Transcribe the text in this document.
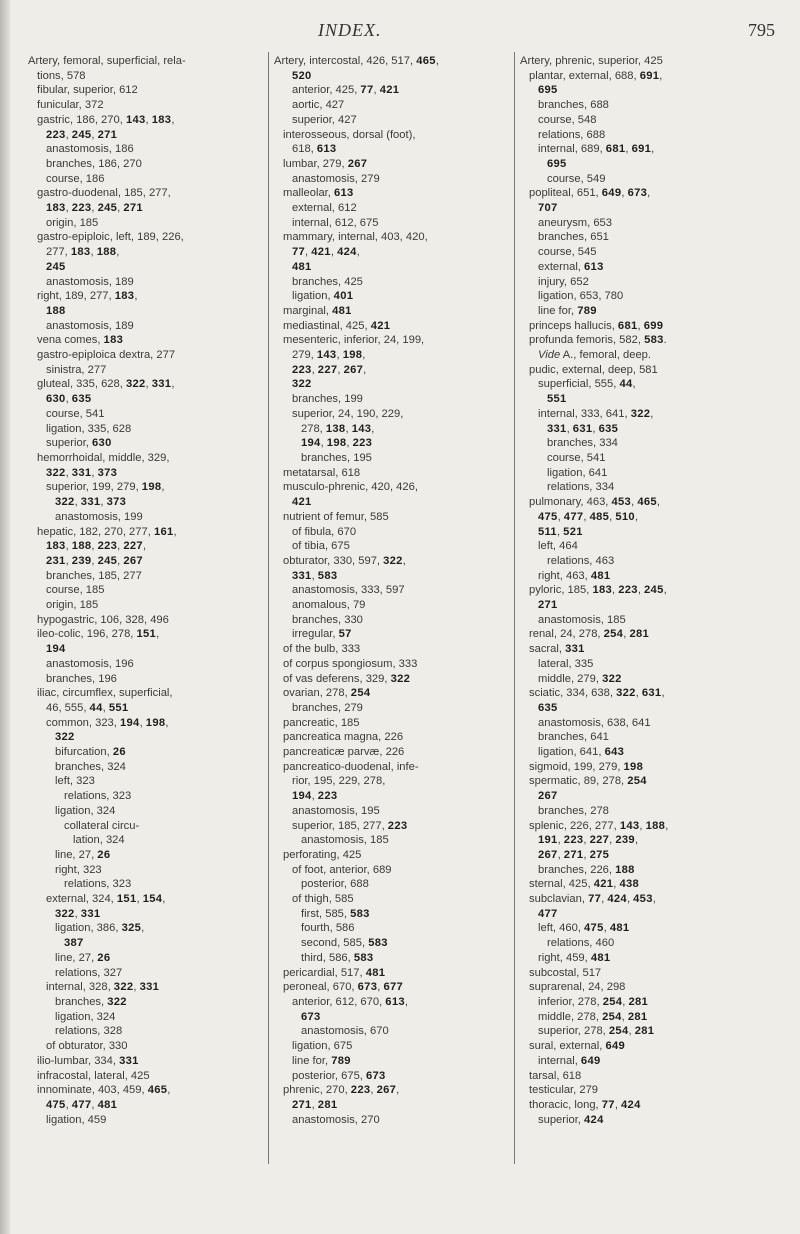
INDEX.	795
Artery, femoral, superficial, rela-
tions, 578
fibular, superior, 612
funicular, 372
gastric, 186, 270, 143, 183,
223, 245, 271
anastomosis, 186
branches, 186, 270
course, 186
gastro-duodenal, 185, 277,
183, 223, 245, 271
origin, 185
gastro-epiploic, left, 189, 226,
277, 183, 188,
245
anastomosis, 189
right, 189, 277, 183,
188
anastomosis, 189
vena comes, 183
gastro-epiploica dextra, 277
sinistra, 277
gluteal, 335, 628, 322, 331,
630, 635
course, 541
ligation, 335, 628
superior, 630
hemorrhoidal, middle, 329,
322, 331, 373
superior, 199, 279, 198,
322, 331, 373
anastomosis, 199
hepatic, 182, 270, 277, 161,
183, 188, 223, 227,
231, 239, 245, 267
branches, 185, 277
course, 185
origin, 185
hypogastric, 106, 328, 496
ileo-colic, 196, 278, 151,
194
anastomosis, 196
branches, 196
iliac, circumflex, superficial,
46, 555, 44, 551
common, 323, 194, 198,
322
bifurcation, 26
branches, 324
left, 323
relations, 323
ligation, 324
collateral circu-
lation, 324
line, 27, 26
right, 323
relations, 323
external, 324, 151, 154,
322, 331
ligation, 386, 325,
387
line, 27, 26
relations, 327
internal, 328, 322, 331
branches, 322
ligation, 324
relations, 328
of obturator, 330
ilio-lumbar, 334, 331
infracostal, lateral, 425
innominate, 403, 459, 465,
475, 477, 481
ligation, 459
Artery, intercostal, 426, 517, 465,
520
anterior, 425, 77, 421
aortic, 427
superior, 427
interosseous, dorsal (foot),
618, 613
lumbar, 279, 267
anastomosis, 279
malleolar, 613
external, 612
internal, 612, 675
mammary, internal, 403, 420,
77, 421, 424,
481
branches, 425
ligation, 401
marginal, 481
mediastinal, 425, 421
mesenteric, inferior, 24, 199,
279, 143, 198,
223, 227, 267,
322
branches, 199
superior, 24, 190, 229,
278, 138, 143,
194, 198, 223
branches, 195
metatarsal, 618
musculo-phrenic, 420, 426,
421
nutrient of femur, 585
of fibula, 670
of tibia, 675
obturator, 330, 597, 322,
331, 583
anastomosis, 333, 597
anomalous, 79
branches, 330
irregular, 57
of the bulb, 333
of corpus spongiosum, 333
of vas deferens, 329, 322
ovarian, 278, 254
branches, 279
pancreatic, 185
pancreatica magna, 226
pancreaticæ parvæ, 226
pancreatico-duodenal, infe-
rior, 195, 229, 278,
194, 223
anastomosis, 195
superior, 185, 277, 223
anastomosis, 185
perforating, 425
of foot, anterior, 689
posterior, 688
of thigh, 585
first, 585, 583
fourth, 586
second, 585, 583
third, 586, 583
pericardial, 517, 481
peroneal, 670, 673, 677
anterior, 612, 670, 613,
673
anastomosis, 670
ligation, 675
line for, 789
posterior, 675, 673
phrenic, 270, 223, 267,
271, 281
anastomosis, 270
Artery, phrenic, superior, 425
plantar, external, 688, 691,
695
branches, 688
course, 548
relations, 688
internal, 689, 681, 691,
695
course, 549
popliteal, 651, 649, 673,
707
aneurysm, 653
branches, 651
course, 545
external, 613
injury, 652
ligation, 653, 780
line for, 789
princeps hallucis, 681, 699
profunda femoris, 582, 583.
Vide A., femoral, deep.
pudic, external, deep, 581
superficial, 555, 44,
551
internal, 333, 641, 322,
331, 631, 635
branches, 334
course, 541
ligation, 641
relations, 334
pulmonary, 463, 453, 465,
475, 477, 485, 510,
511, 521
left, 464
relations, 463
right, 463, 481
pyloric, 185, 183, 223, 245,
271
anastomosis, 185
renal, 24, 278, 254, 281
sacral, 331
lateral, 335
middle, 279, 322
sciatic, 334, 638, 322, 631,
635
anastomosis, 638, 641
branches, 641
ligation, 641, 643
sigmoid, 199, 279, 198
spermatic, 89, 278, 254
267
branches, 278
splenic, 226, 277, 143, 188,
191, 223, 227, 239,
267, 271, 275
branches, 226, 188
sternal, 425, 421, 438
subclavian, 77, 424, 453,
477
left, 460, 475, 481
relations, 460
right, 459, 481
subcostal, 517
suprarenal, 24, 298
inferior, 278, 254, 281
middle, 278, 254, 281
superior, 278, 254, 281
sural, external, 649
internal, 649
tarsal, 618
testicular, 279
thoracic, long, 77, 424
superior, 424
